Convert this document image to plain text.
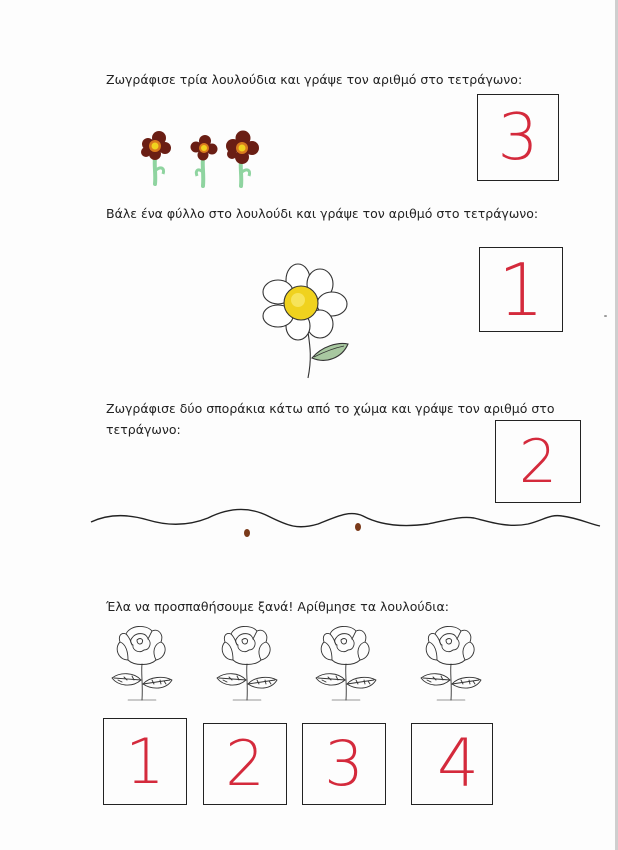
Ζωγράφισε τρία λουλούδια και γράψε τον αριθμό στο τετράγωνο:

3

Βάλε ένα φύλλο στο λουλούδι και γράψε τον αριθμό στο τετράγωνο:

1

Ζωγράφισε δύο σποράκια κάτω από το χώμα και γράψε τον αριθμό στο
τετράγωνο:	2

Έλα να προσπαθήσουμε ξανά! Αρίθμησε τα λουλούδια:

1 2 3	4
